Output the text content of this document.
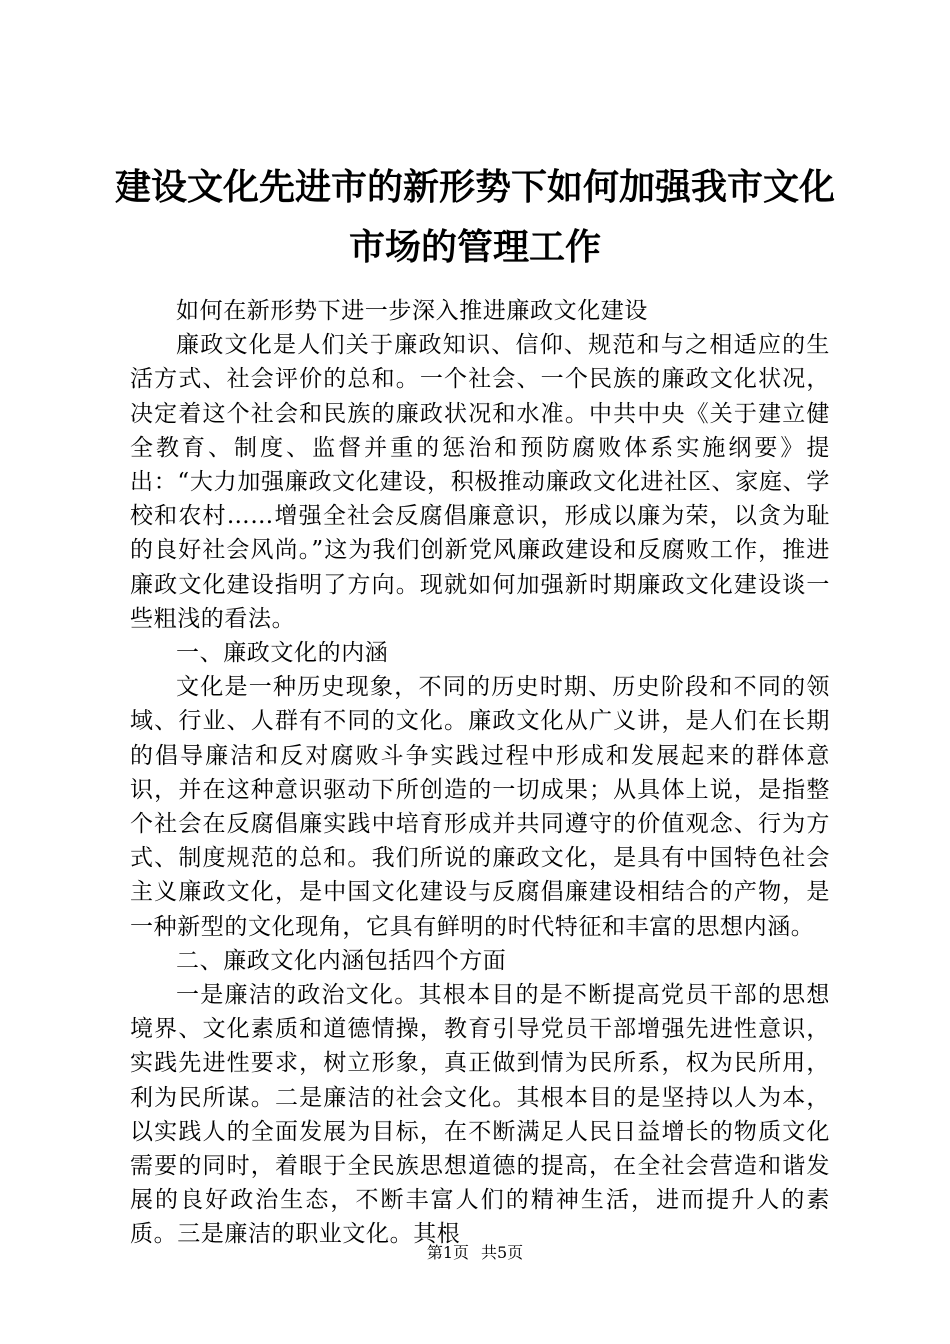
建设文化先进市的新形势下如何加强我市文化
市场的管理工作

如何在新形势下进一步深入推进廉政文化建设

廉政文化是人们关于廉政知识、信仰、规范和与之相适应的生活方式、社会评价的总和。一个社会、一个民族的廉政文化状况，决定着这个社会和民族的廉政状况和水准。中共中央《关于建立健全教育、制度、监督并重的惩治和预防腐败体系实施纲要》提出：“大力加强廉政文化建设，积极推动廉政文化进社区、家庭、学校和农村……增强全社会反腐倡廉意识，形成以廉为荣，以贪为耻的良好社会风尚。”这为我们创新党风廉政建设和反腐败工作，推进廉政文化建设指明了方向。现就如何加强新时期廉政文化建设谈一些粗浅的看法。

一、廉政文化的内涵

文化是一种历史现象，不同的历史时期、历史阶段和不同的领域、行业、人群有不同的文化。廉政文化从广义讲，是人们在长期的倡导廉洁和反对腐败斗争实践过程中形成和发展起来的群体意识，并在这种意识驱动下所创造的一切成果；从具体上说，是指整个社会在反腐倡廉实践中培育形成并共同遵守的价值观念、行为方式、制度规范的总和。我们所说的廉政文化，是具有中国特色社会主义廉政文化，是中国文化建设与反腐倡廉建设相结合的产物，是一种新型的文化现角，它具有鲜明的时代特征和丰富的思想内涵。

二、廉政文化内涵包括四个方面

一是廉洁的政治文化。其根本目的是不断提高党员干部的思想境界、文化素质和道德情操，教育引导党员干部增强先进性意识，实践先进性要求，树立形象，真正做到情为民所系，权为民所用，利为民所谋。二是廉洁的社会文化。其根本目的是坚持以人为本，以实践人的全面发展为目标，在不断满足人民日益增长的物质文化需要的同时，着眼于全民族思想道德的提高，在全社会营造和谐发展的良好政治生态，不断丰富人们的精神生活，进而提升人的素质。三是廉洁的职业文化。其根

第1页 共5页
